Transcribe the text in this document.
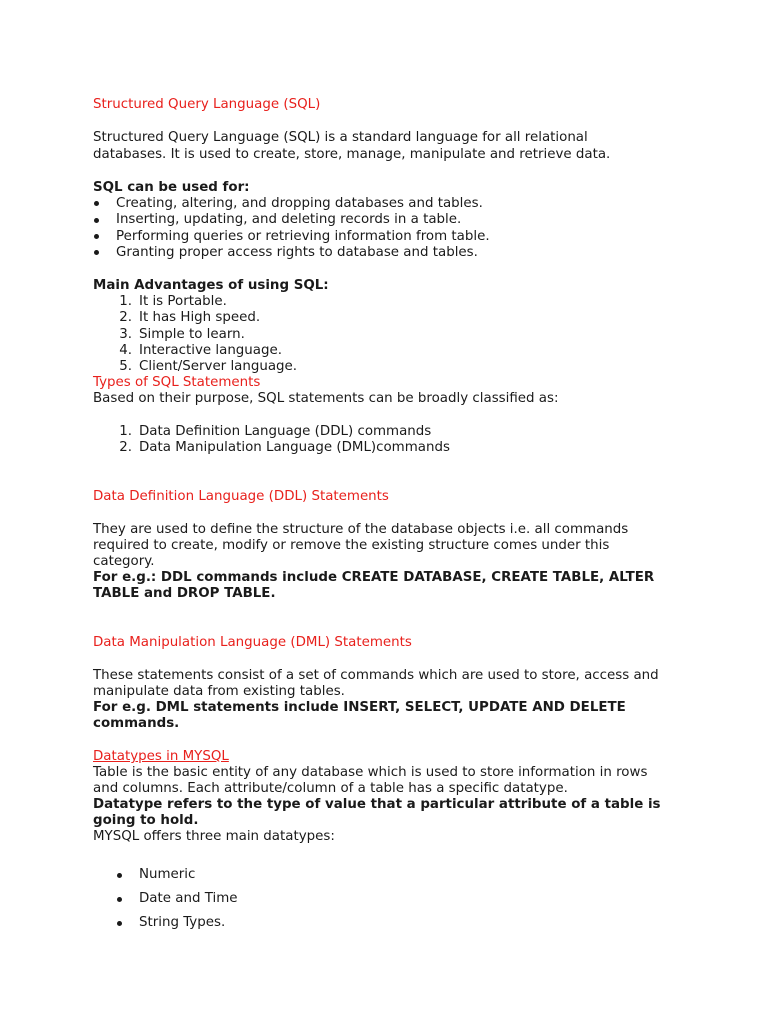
Structured Query Language (SQL)
Structured Query Language (SQL) is a standard language for all relational
databases. It is used to create, store, manage, manipulate and retrieve data.
SQL can be used for:
Creating, altering, and dropping databases and tables.
Inserting, updating, and deleting records in a table.
Performing queries or retrieving information from table.
Granting proper access rights to database and tables.
Main Advantages of using SQL:
1. It is Portable.
2. It has High speed.
3. Simple to learn.
4. Interactive language.
5. Client/Server language.
Types of SQL Statements
Based on their purpose, SQL statements can be broadly classified as:
1. Data Definition Language (DDL) commands
2. Data Manipulation Language (DML)commands
Data Definition Language (DDL) Statements
They are used to define the structure of the database objects i.e. all commands
required to create, modify or remove the existing structure comes under this
category.
For e.g.: DDL commands include CREATE DATABASE, CREATE TABLE, ALTER
TABLE and DROP TABLE.
Data Manipulation Language (DML) Statements
These statements consist of a set of commands which are used to store, access and
manipulate data from existing tables.
For e.g. DML statements include INSERT, SELECT, UPDATE AND DELETE
commands.
Datatypes in MYSQL
Table is the basic entity of any database which is used to store information in rows
and columns. Each attribute/column of a table has a specific datatype.
Datatype refers to the type of value that a particular attribute of a table is
going to hold.
MYSQL offers three main datatypes:
Numeric
Date and Time
String Types.
